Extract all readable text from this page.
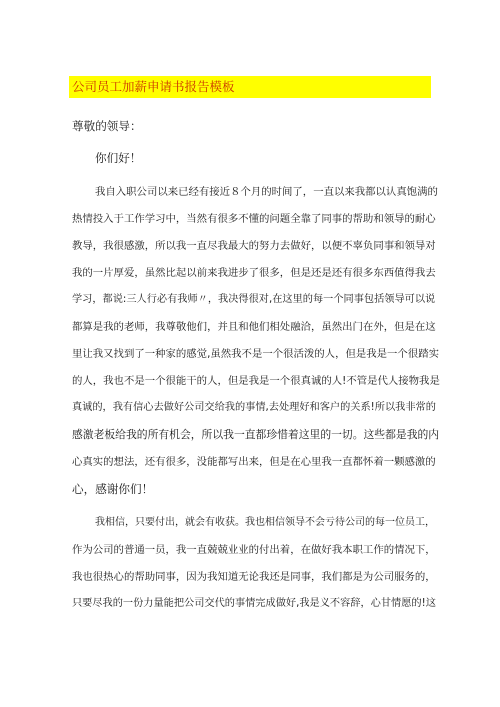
公司员工加薪申请书报告模板
尊敬的领导：
你们好！
我自入职公司以来已经有接近８个月的时间了，一直以来我都以认真饱满的
热情投入于工作学习中，当然有很多不懂的问题全靠了同事的帮助和领导的耐心
教导，我很感激，所以我一直尽我最大的努力去做好，以便不辜负同事和领导对
我的一片厚爱，虽然比起以前来我进步了很多，但是还是还有很多东西值得我去
学习，都说:三人行必有我师〃，我决得很对,在这里的每一个同事包括领导可以说
都算是我的老师，我尊敬他们，并且和他们相处融洽，虽然出门在外，但是在这
里让我又找到了一种家的感觉,虽然我不是一个很活泼的人，但是我是一个很踏实
的人，我也不是一个很能干的人，但是我是一个很真诚的人!不管是代人接物我是
真诚的，我有信心去做好公司交给我的事情,去处理好和客户的关系!所以我非常的
感激老板给我的所有机会，所以我一直都珍惜着这里的一切。这些都是我的内
心真实的想法，还有很多，没能都写出来，但是在心里我一直都怀着一颗感激的
心，感谢你们！
我相信，只要付出，就会有收获。我也相信领导不会亏待公司的每一位员工，
作为公司的普通一员，我一直兢兢业业的付出着，在做好我本职工作的情况下，
我也很热心的帮助同事，因为我知道无论我还是同事，我们都是为公司服务的，
只要尽我的一份力量能把公司交代的事情完成做好,我是义不容辞，心甘情愿的!这
